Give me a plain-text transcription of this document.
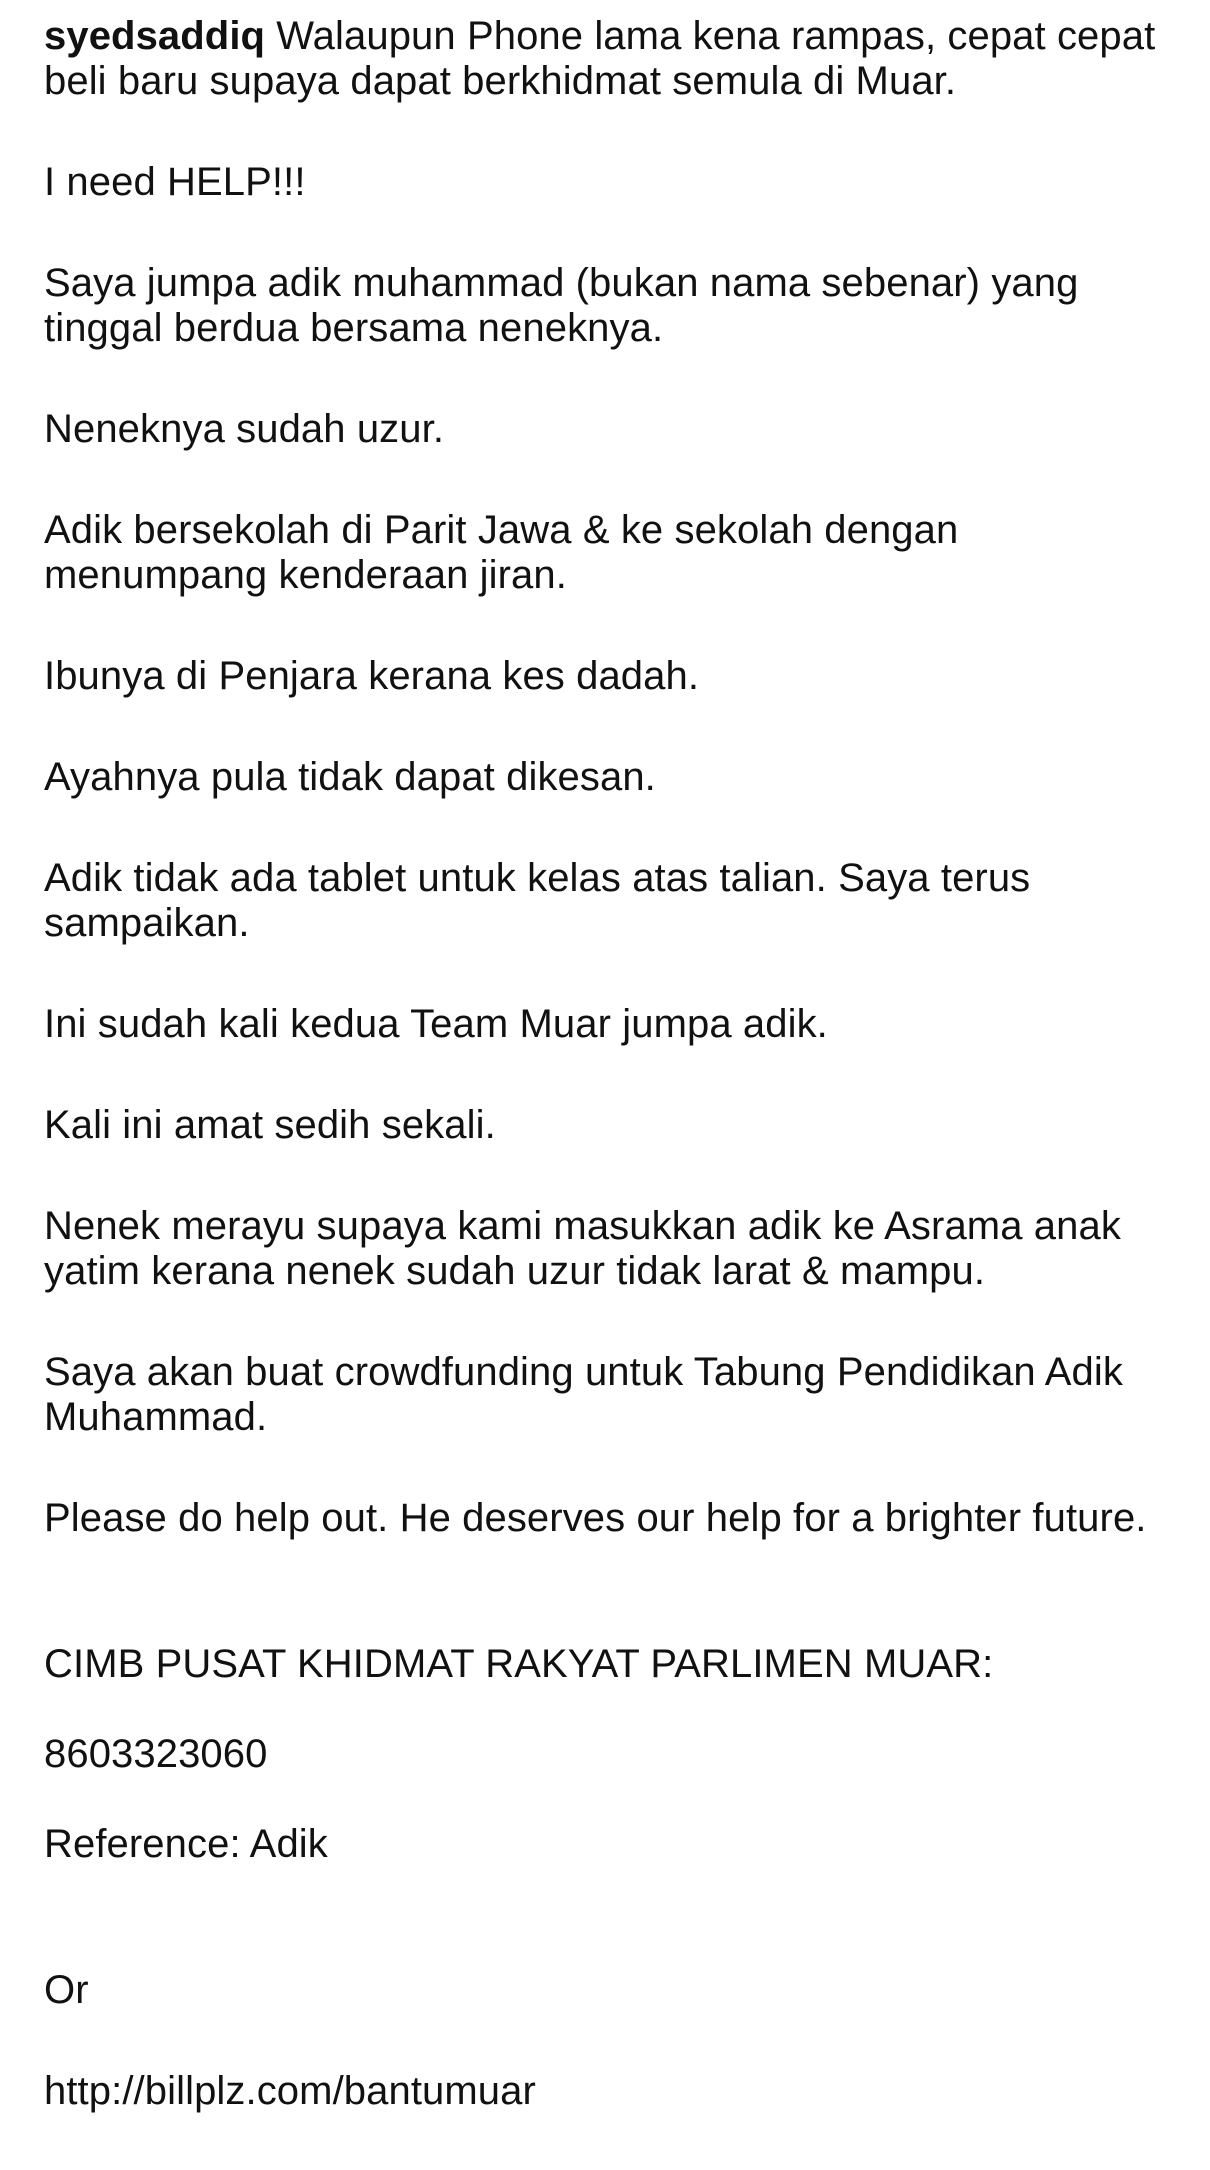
syedsaddiq Walaupun Phone lama kena rampas, cepat cepat beli baru supaya dapat berkhidmat semula di Muar.

I need HELP!!!

Saya jumpa adik muhammad (bukan nama sebenar) yang tinggal berdua bersama neneknya.

Neneknya sudah uzur.

Adik bersekolah di Parit Jawa & ke sekolah dengan menumpang kenderaan jiran.

Ibunya di Penjara kerana kes dadah.

Ayahnya pula tidak dapat dikesan.

Adik tidak ada tablet untuk kelas atas talian. Saya terus sampaikan.

Ini sudah kali kedua Team Muar jumpa adik.

Kali ini amat sedih sekali.

Nenek merayu supaya kami masukkan adik ke Asrama anak yatim kerana nenek sudah uzur tidak larat & mampu.

Saya akan buat crowdfunding untuk Tabung Pendidikan Adik Muhammad.

Please do help out. He deserves our help for a brighter future.

CIMB PUSAT KHIDMAT RAKYAT PARLIMEN MUAR:

8603323060

Reference: Adik

Or

http://billplz.com/bantumuar
